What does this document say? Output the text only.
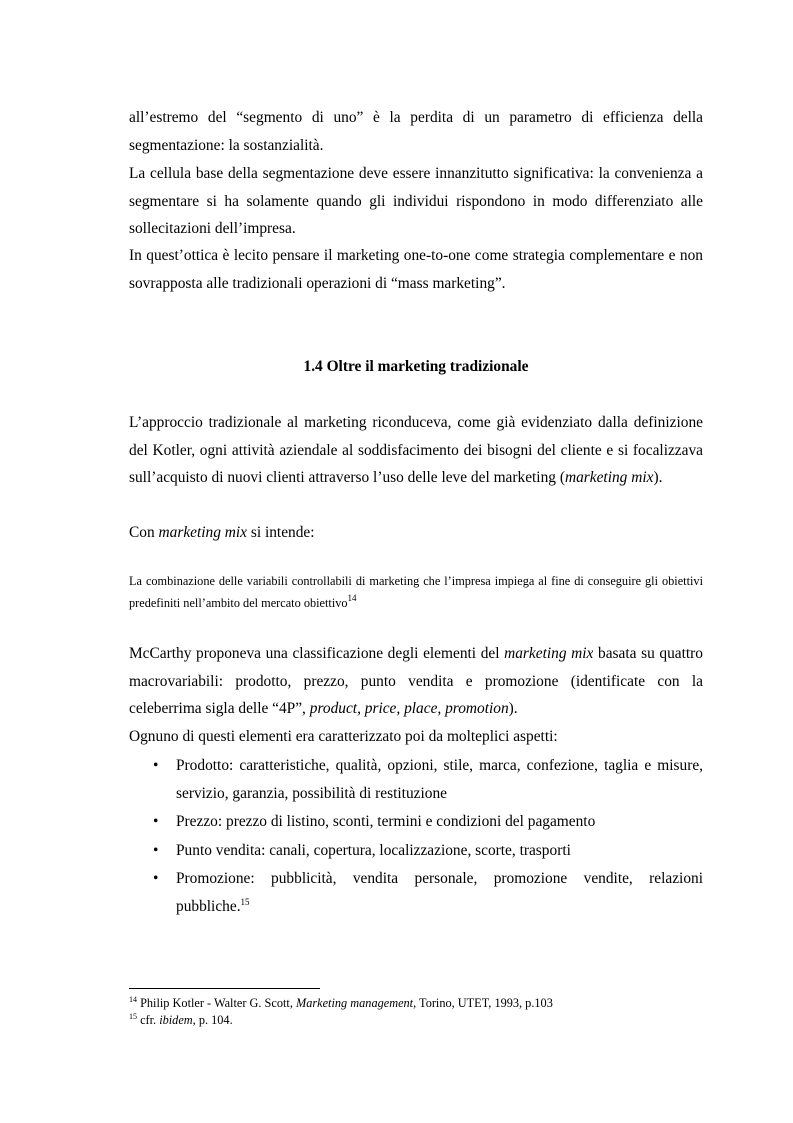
all’estremo del “segmento di uno” è la perdita di un parametro di efficienza della segmentazione: la sostanzialità.

La cellula base della segmentazione deve essere innanzitutto significativa: la convenienza a segmentare si ha solamente quando gli individui rispondono in modo differenziato alle sollecitazioni dell’impresa.

In quest’ottica è lecito pensare il marketing one-to-one come strategia complementare e non sovrapposta alle tradizionali operazioni di “mass marketing”.

1.4 Oltre il marketing tradizionale

L’approccio tradizionale al marketing riconduceva, come già evidenziato dalla definizione del Kotler, ogni attività aziendale al soddisfacimento dei bisogni del cliente e si focalizzava sull’acquisto di nuovi clienti attraverso l’uso delle leve del marketing (marketing mix).

Con marketing mix si intende:

La combinazione delle variabili controllabili di marketing che l’impresa impiega al fine di conseguire gli obiettivi predefiniti nell’ambito del mercato obiettivo$^{14}$

McCarthy proponeva una classificazione degli elementi del marketing mix basata su quattro macrovariabili: prodotto, prezzo, punto vendita e promozione (identificate con la celeberrima sigla delle “4P”, product, price, place, promotion).

Ognuno di questi elementi era caratterizzato poi da molteplici aspetti:

• Prodotto: caratteristiche, qualità, opzioni, stile, marca, confezione, taglia e misure, servizio, garanzia, possibilità di restituzione
• Prezzo: prezzo di listino, sconti, termini e condizioni del pagamento
• Punto vendita: canali, copertura, localizzazione, scorte, trasporti
• Promozione: pubblicità, vendita personale, promozione vendite, relazioni pubbliche.$^{15}$

$^{14}$ Philip Kotler - Walter G. Scott, Marketing management, Torino, UTET, 1993, p.103

$^{15}$ cfr. ibidem, p. 104.
